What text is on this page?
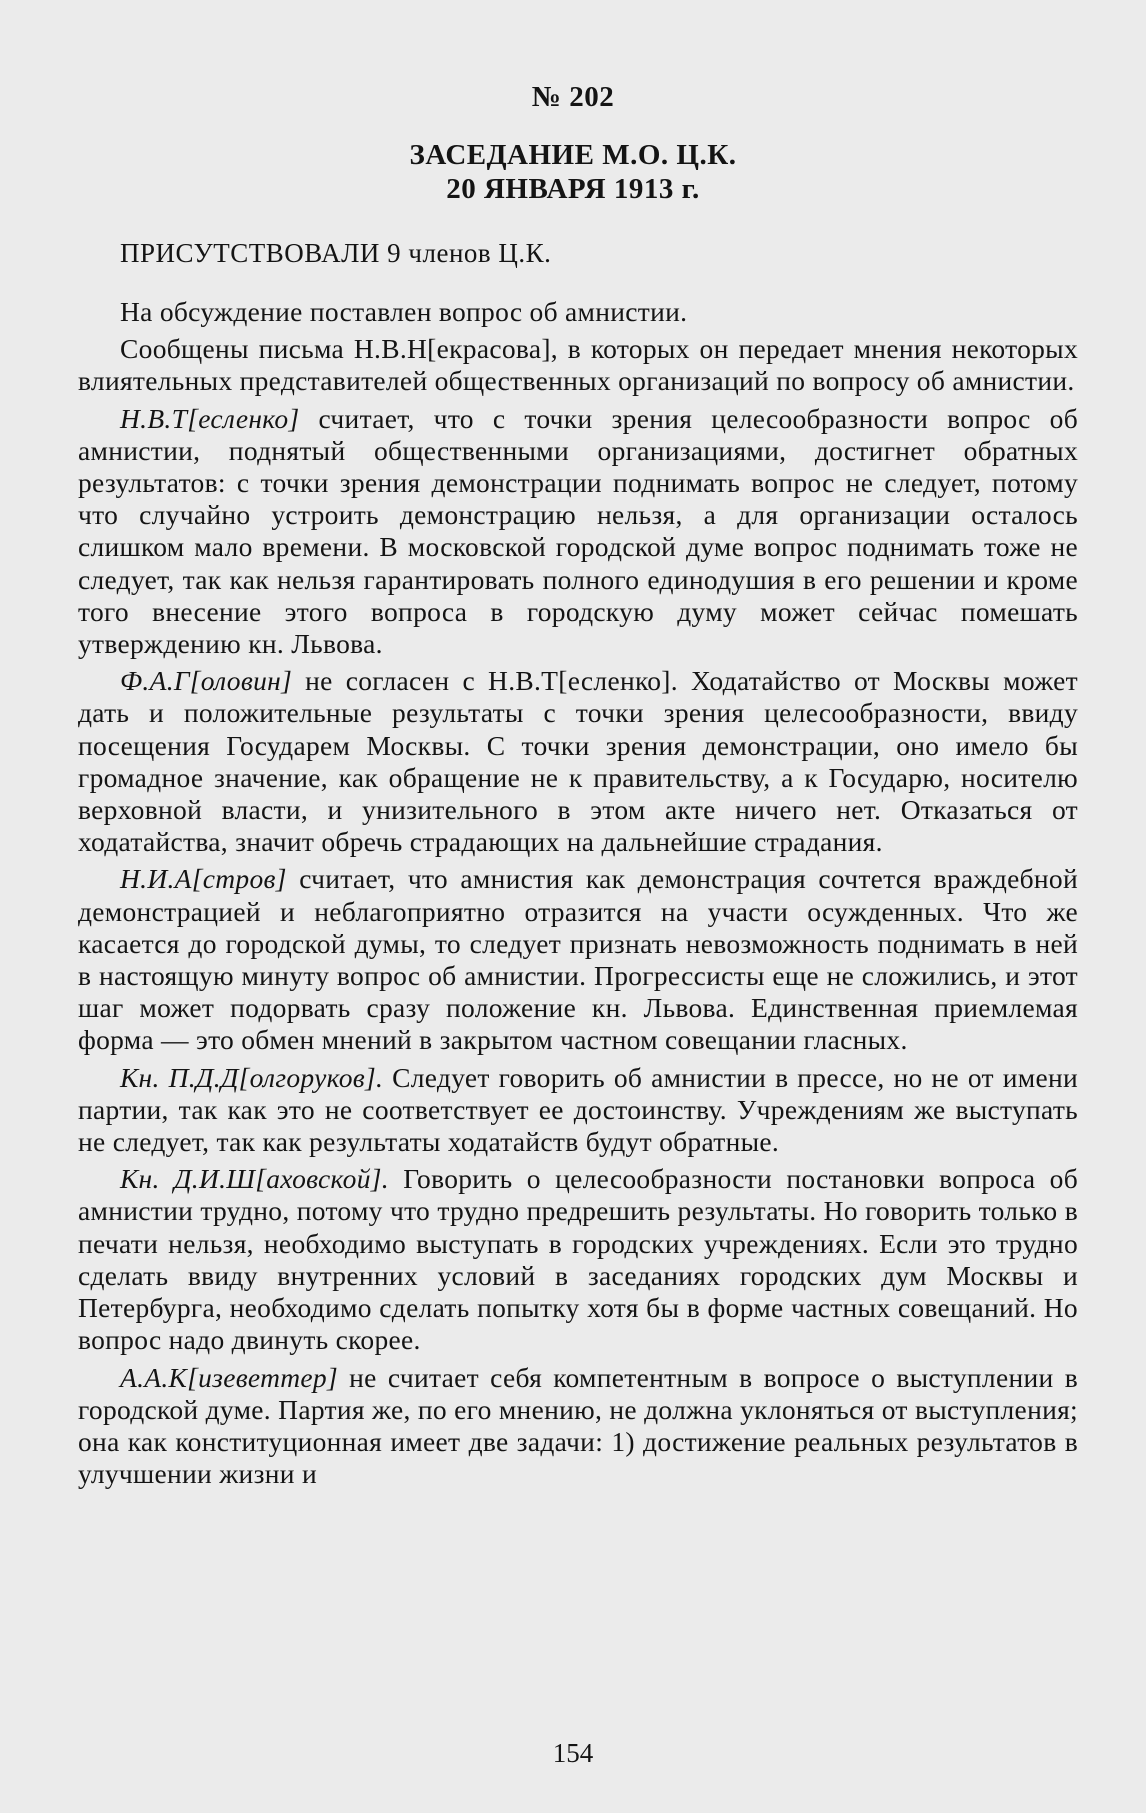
№ 202
ЗАСЕДАНИЕ М.О. Ц.К.
20 ЯНВАРЯ 1913 г.
ПРИСУТСТВОВАЛИ 9 членов Ц.К.

На обсуждение поставлен вопрос об амнистии.

Сообщены письма Н.В.Н[екрасова], в которых он передает мнения некоторых влиятельных представителей общественных организаций по вопросу об амнистии.

Н.В.Т[есленко] считает, что с точки зрения целесообразности вопрос об амнистии, поднятый общественными организациями, достигнет обратных результатов: с точки зрения демонстрации поднимать вопрос не следует, потому что случайно устроить демонстрацию нельзя, а для организации осталось слишком мало времени. В московской городской думе вопрос поднимать тоже не следует, так как нельзя гарантировать полного единодушия в его решении и кроме того внесение этого вопроса в городскую думу может сейчас помешать утверждению кн. Львова.

Ф.А.Г[оловин] не согласен с Н.В.Т[есленко]. Ходатайство от Москвы может дать и положительные результаты с точки зрения целесообразности, ввиду посещения Государем Москвы. С точки зрения демонстрации, оно имело бы громадное значение, как обращение не к правительству, а к Государю, носителю верховной власти, и унизительного в этом акте ничего нет. Отказаться от ходатайства, значит обречь страдающих на дальнейшие страдания.

Н.И.А[стров] считает, что амнистия как демонстрация сочтется враждебной демонстрацией и неблагоприятно отразится на участи осужденных. Что же касается до городской думы, то следует признать невозможность поднимать в ней в настоящую минуту вопрос об амнистии. Прогрессисты еще не сложились, и этот шаг может подорвать сразу положение кн. Львова. Единственная приемлемая форма — это обмен мнений в закрытом частном совещании гласных.

Кн. П.Д.Д[олгоруков]. Следует говорить об амнистии в прессе, но не от имени партии, так как это не соответствует ее достоинству. Учреждениям же выступать не следует, так как результаты ходатайств будут обратные.

Кн. Д.И.Ш[аховской]. Говорить о целесообразности постановки вопроса об амнистии трудно, потому что трудно предрешить результаты. Но говорить только в печати нельзя, необходимо выступать в городских учреждениях. Если это трудно сделать ввиду внутренних условий в заседаниях городских дум Москвы и Петербурга, необходимо сделать попытку хотя бы в форме частных совещаний. Но вопрос надо двинуть скорее.

А.А.К[изеветтер] не считает себя компетентным в вопросе о выступлении в городской думе. Партия же, по его мнению, не должна уклоняться от выступления; она как конституционная имеет две задачи: 1) достижение реальных результатов в улучшении жизни и

154
